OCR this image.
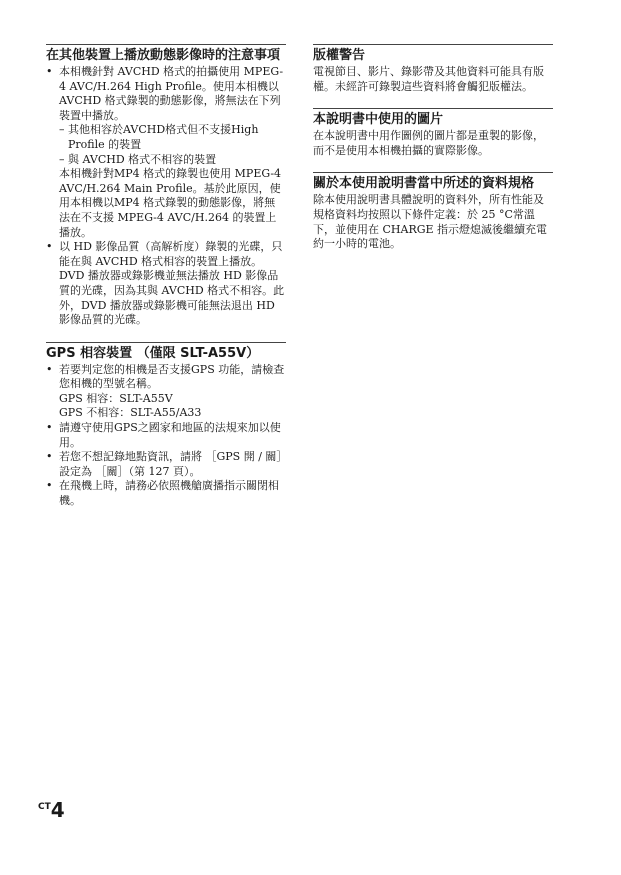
在其他裝置上播放動態影像時的注意事項
• 本相機針對 AVCHD 格式的拍攝使用 MPEG-4 AVC/H.264 High Profile。使用本相機以 AVCHD 格式錄製的動態影像，將無法在下列裝置中播放。
– 其他相容於AVCHD格式但不支援High Profile 的裝置
– 與 AVCHD 格式不相容的裝置
本相機針對MP4 格式的錄製也使用 MPEG-4 AVC/H.264 Main Profile。基於此原因，使用本相機以MP4 格式錄製的動態影像，將無法在不支援 MPEG-4 AVC/H.264 的裝置上播放。
• 以 HD 影像品質（高解析度）錄製的光碟，只能在與 AVCHD 格式相容的裝置上播放。DVD 播放器或錄影機並無法播放 HD 影像品質的光碟，因為其與 AVCHD 格式不相容。此外，DVD 播放器或錄影機可能無法退出 HD 影像品質的光碟。
GPS 相容裝置 （僅限 SLT-A55V）
• 若要判定您的相機是否支援GPS 功能，請檢查您相機的型號名稱。
GPS 相容：SLT-A55V
GPS 不相容：SLT-A55/A33
• 請遵守使用GPS之國家和地區的法規來加以使用。
• 若您不想記錄地點資訊，請將 ［GPS 開 / 關］設定為 ［關］（第 127 頁）。
• 在飛機上時，請務必依照機艙廣播指示關閉相機。
版權警告

電視節目、影片、錄影帶及其他資料可能具有版權。未經許可錄製這些資料將會觸犯版權法。

本說明書中使用的圖片

在本說明書中用作圖例的圖片都是重製的影像，而不是使用本相機拍攝的實際影像。

關於本使用說明書當中所述的資料規格

除本使用說明書具體說明的資料外，所有性能及規格資料均按照以下條件定義：於 25 °C常溫下，並使用在 CHARGE 指示燈熄滅後繼續充電約一小時的電池。

$^{CT}$4
